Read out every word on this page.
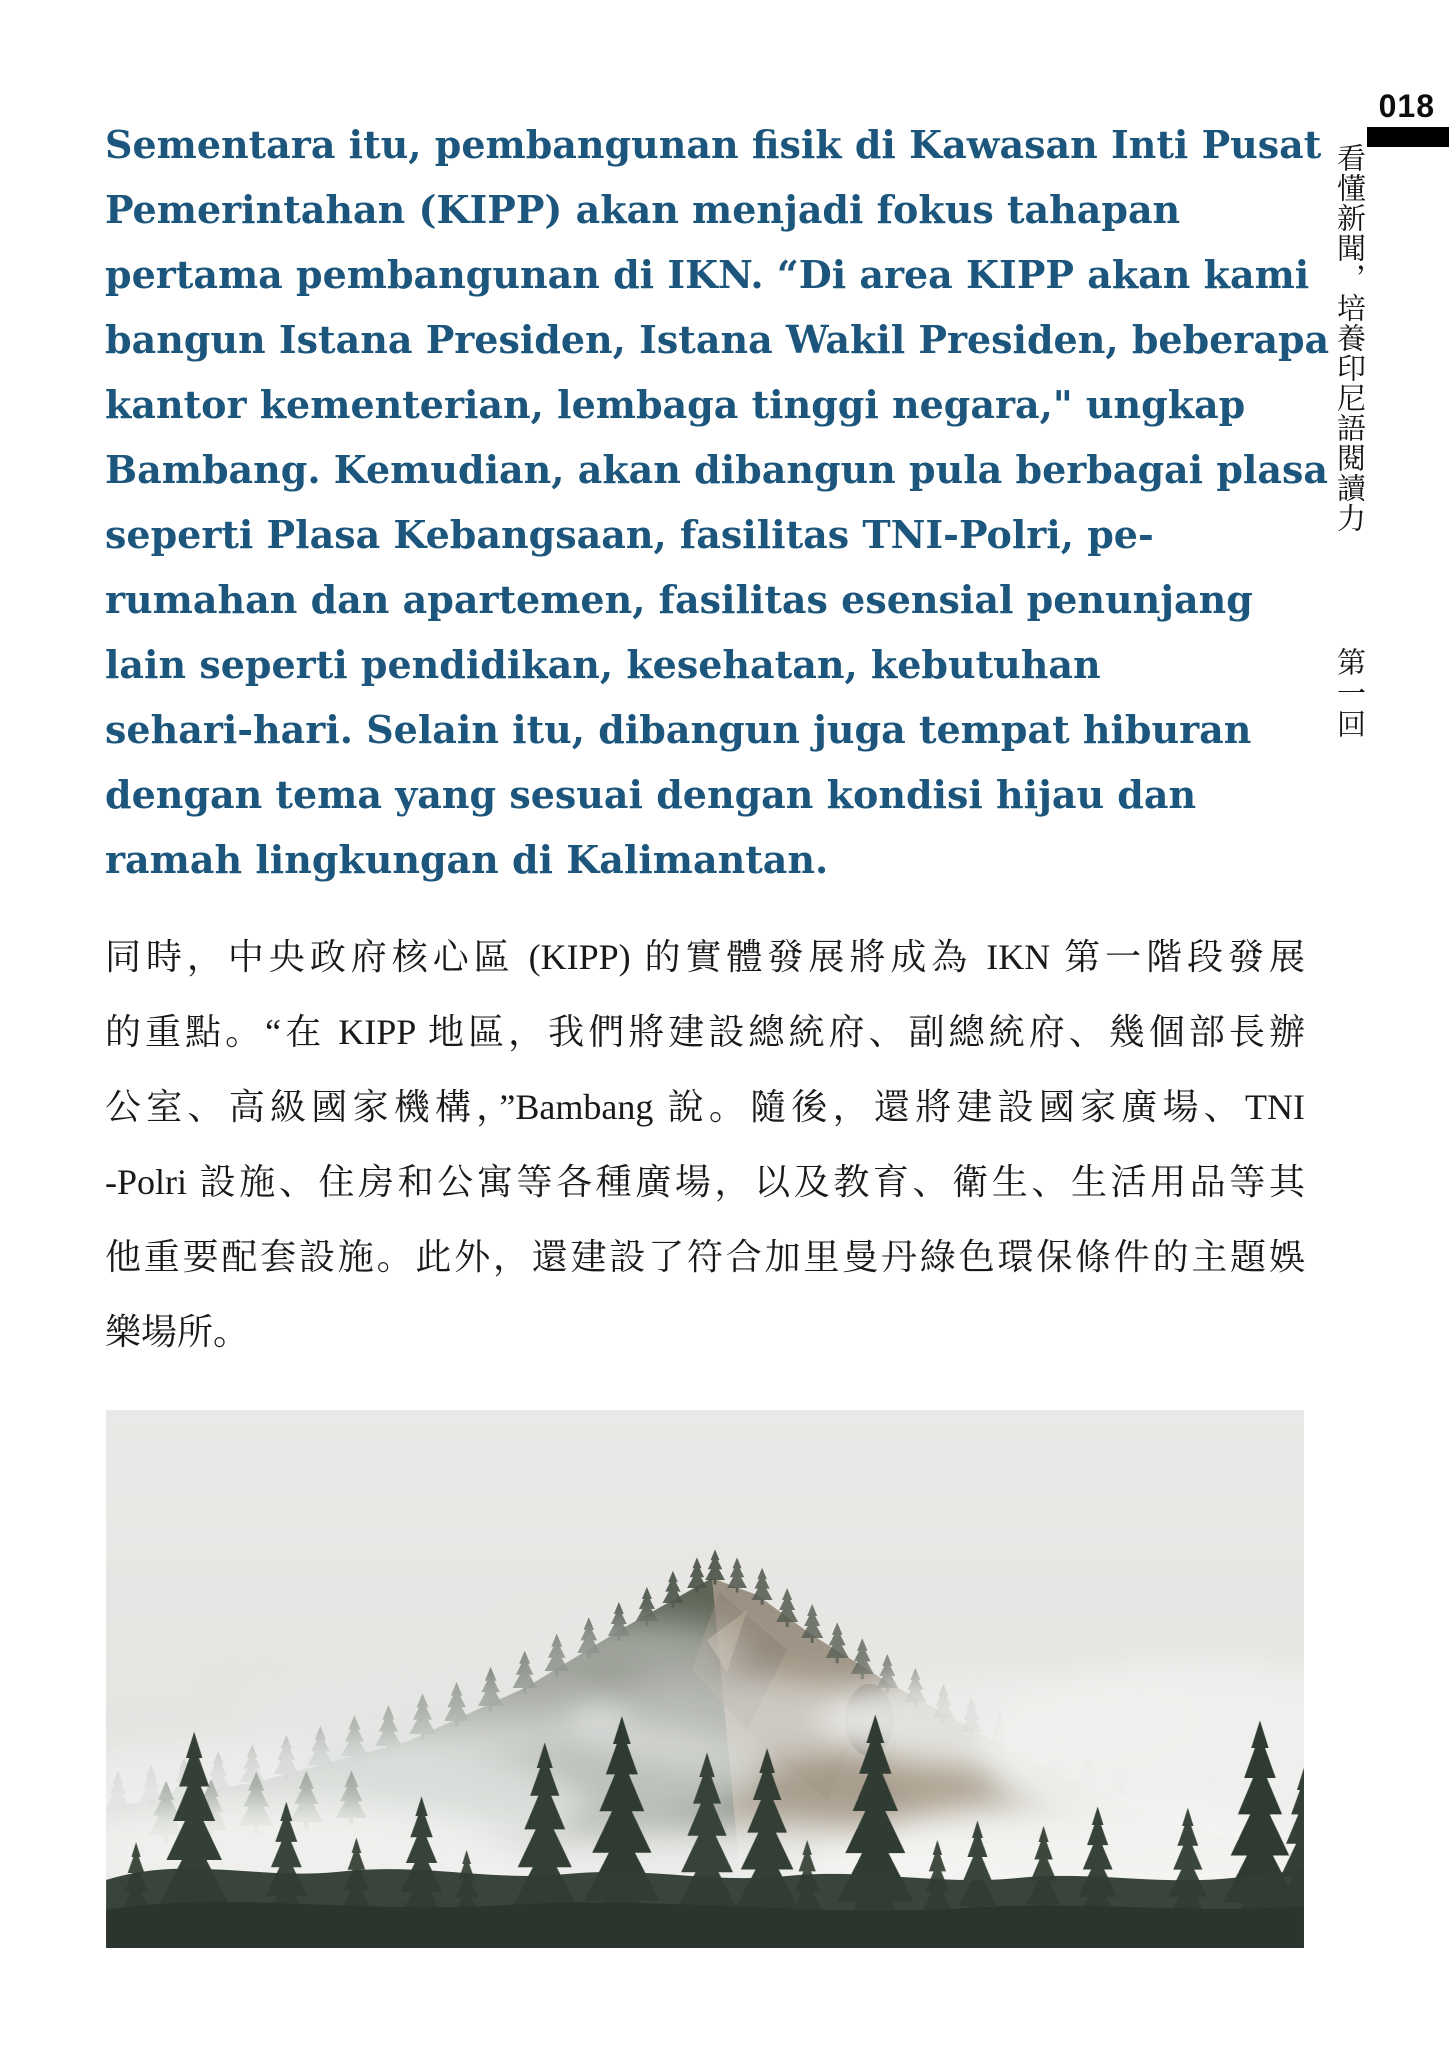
018
看懂新聞，培養印尼語閱讀力
第一回
Sementara itu, pembangunan fisik di Kawasan Inti Pusat
Pemerintahan (KIPP) akan menjadi fokus tahapan
pertama pembangunan di IKN. “Di area KIPP akan kami
bangun Istana Presiden, Istana Wakil Presiden, beberapa
kantor kementerian, lembaga tinggi negara," ungkap
Bambang. Kemudian, akan dibangun pula berbagai plasa
seperti Plasa Kebangsaan, fasilitas TNI-Polri, pe-
rumahan dan apartemen, fasilitas esensial penunjang
lain seperti pendidikan, kesehatan, kebutuhan
sehari-hari. Selain itu, dibangun juga tempat hiburan
dengan tema yang sesuai dengan kondisi hijau dan
ramah lingkungan di Kalimantan.
同時，中央政府核心區 (KIPP) 的實體發展將成為 IKN 第一階段發展
的重點。“在 KIPP 地區，我們將建設總統府、副總統府、幾個部長辦
公室、高級國家機構，”Bambang 說。隨後，還將建設國家廣場、TNI
-Polri 設施、住房和公寓等各種廣場，以及教育、衛生、生活用品等其
他重要配套設施。此外，還建設了符合加里曼丹綠色環保條件的主題娛
樂場所。
